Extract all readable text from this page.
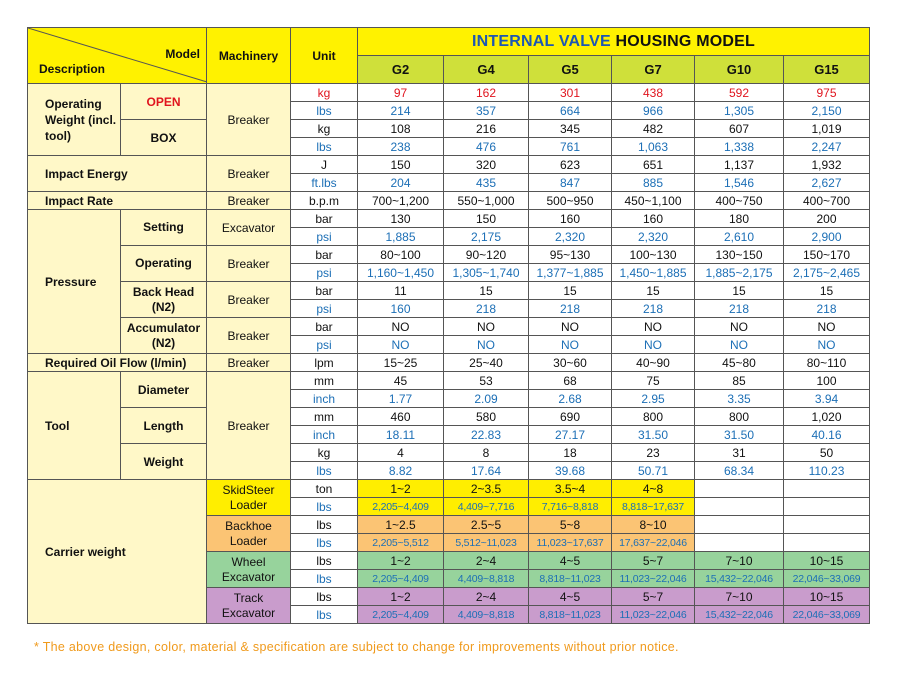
Model
Description		Machinery	Unit	INTERNAL VALVE HOUSING MODEL					
				G2	G4	G5	G7	G10	G15
Operating Weight (incl. tool)	OPEN	Breaker	kg	97	162	301	438	592	975
			lbs	214	357	664	966	1,305	2,150
	BOX		kg	108	216	345	482	607	1,019
			lbs	238	476	761	1,063	1,338	2,247
Impact Energy		Breaker	J	150	320	623	651	1,137	1,932
			ft.lbs	204	435	847	885	1,546	2,627
Impact Rate		Breaker	b.p.m	700~1,200	550~1,000	500~950	450~1,100	400~750	400~700
Pressure	Setting	Excavator	bar	130	150	160	160	180	200
			psi	1,885	2,175	2,320	2,320	2,610	2,900
	Operating	Breaker	bar	80~100	90~120	95~130	100~130	130~150	150~170
			psi	1,160~1,450	1,305~1,740	1,377~1,885	1,450~1,885	1,885~2,175	2,175~2,465
	Back Head (N2)	Breaker	bar	11	15	15	15	15	15
			psi	160	218	218	218	218	218
	Accumulator (N2)	Breaker	bar	NO	NO	NO	NO	NO	NO
			psi	NO	NO	NO	NO	NO	NO
Required Oil Flow (l/min)		Breaker	lpm	15~25	25~40	30~60	40~90	45~80	80~110
Tool	Diameter	Breaker	mm	45	53	68	75	85	100
			inch	1.77	2.09	2.68	2.95	3.35	3.94
	Length		mm	460	580	690	800	800	1,020
			inch	18.11	22.83	27.17	31.50	31.50	40.16
	Weight		kg	4	8	18	23	31	50
			lbs	8.82	17.64	39.68	50.71	68.34	110.23
Carrier weight		SkidSteer Loader	ton	1~2	2~3.5	3.5~4	4~8		
			lbs	2,205~4,409	4,409~7,716	7,716~8,818	8,818~17,637		
		Backhoe Loader	lbs	1~2.5	2.5~5	5~8	8~10		
			lbs	2,205~5,512	5,512~11,023	11,023~17,637	17,637~22,046		
		Wheel Excavator	lbs	1~2	2~4	4~5	5~7	7~10	10~15
			lbs	2,205~4,409	4,409~8,818	8,818~11,023	11,023~22,046	15,432~22,046	22,046~33,069
		Track Excavator	lbs	1~2	2~4	4~5	5~7	7~10	10~15
			lbs	2,205~4,409	4,409~8,818	8,818~11,023	11,023~22,046	15,432~22,046	22,046~33,069
* The above design, color, material & specification are subject to change for improvements without prior notice.
